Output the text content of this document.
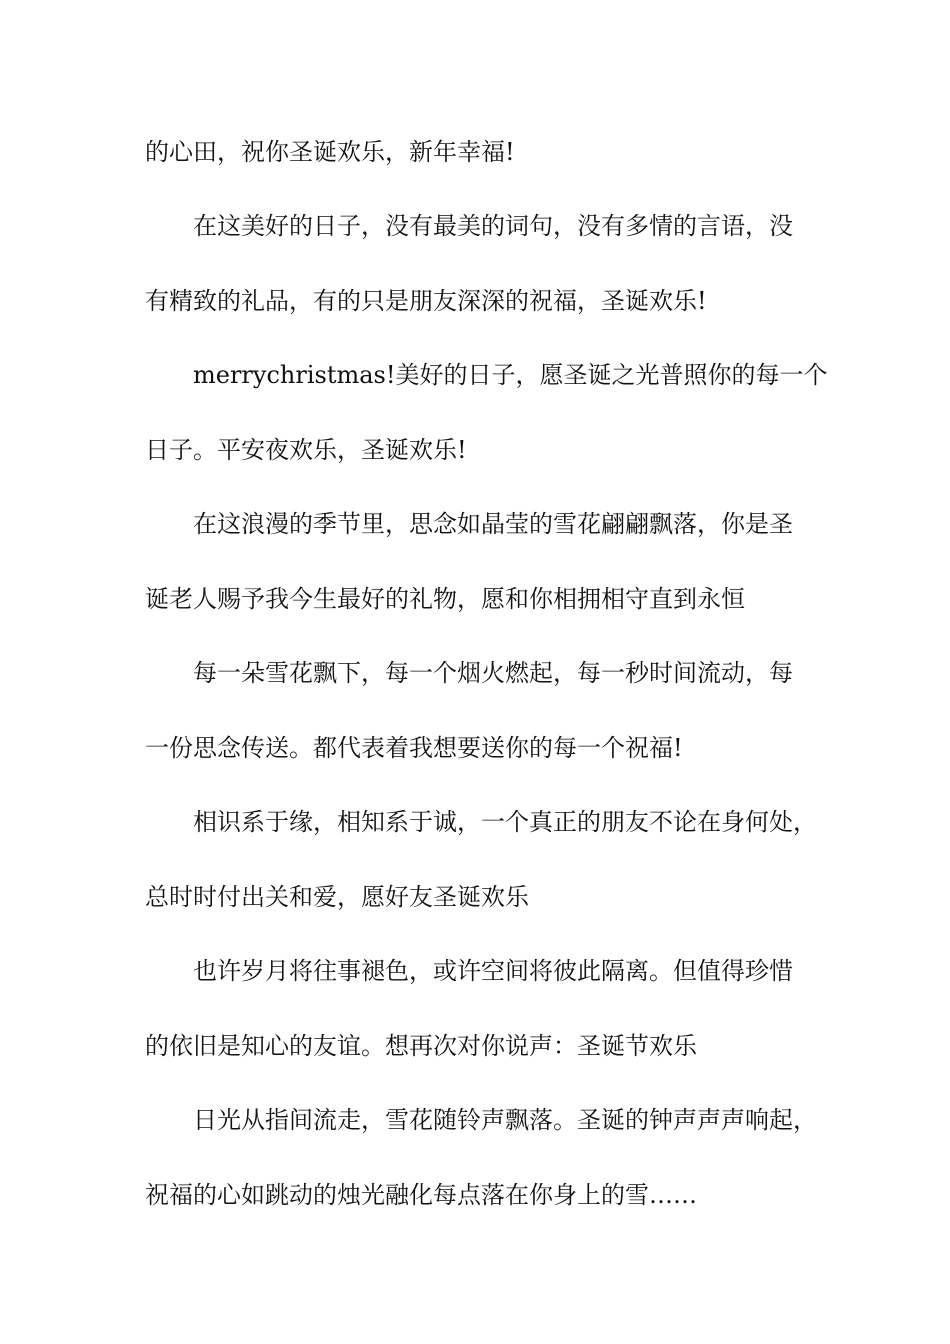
的心田，祝你圣诞欢乐，新年幸福!
在这美好的日子，没有最美的词句，没有多情的言语，没
有精致的礼品，有的只是朋友深深的祝福，圣诞欢乐!
merrychristmas!美好的日子，愿圣诞之光普照你的每一个
日子。平安夜欢乐，圣诞欢乐!
在这浪漫的季节里，思念如晶莹的雪花翩翩飘落，你是圣
诞老人赐予我今生最好的礼物，愿和你相拥相守直到永恒
每一朵雪花飘下，每一个烟火燃起，每一秒时间流动，每
一份思念传送。都代表着我想要送你的每一个祝福!
相识系于缘，相知系于诚，一个真正的朋友不论在身何处，
总时时付出关和爱，愿好友圣诞欢乐
也许岁月将往事褪色，或许空间将彼此隔离。但值得珍惜
的依旧是知心的友谊。想再次对你说声：圣诞节欢乐
日光从指间流走，雪花随铃声飘落。圣诞的钟声声声响起，
祝福的心如跳动的烛光融化每点落在你身上的雪……
